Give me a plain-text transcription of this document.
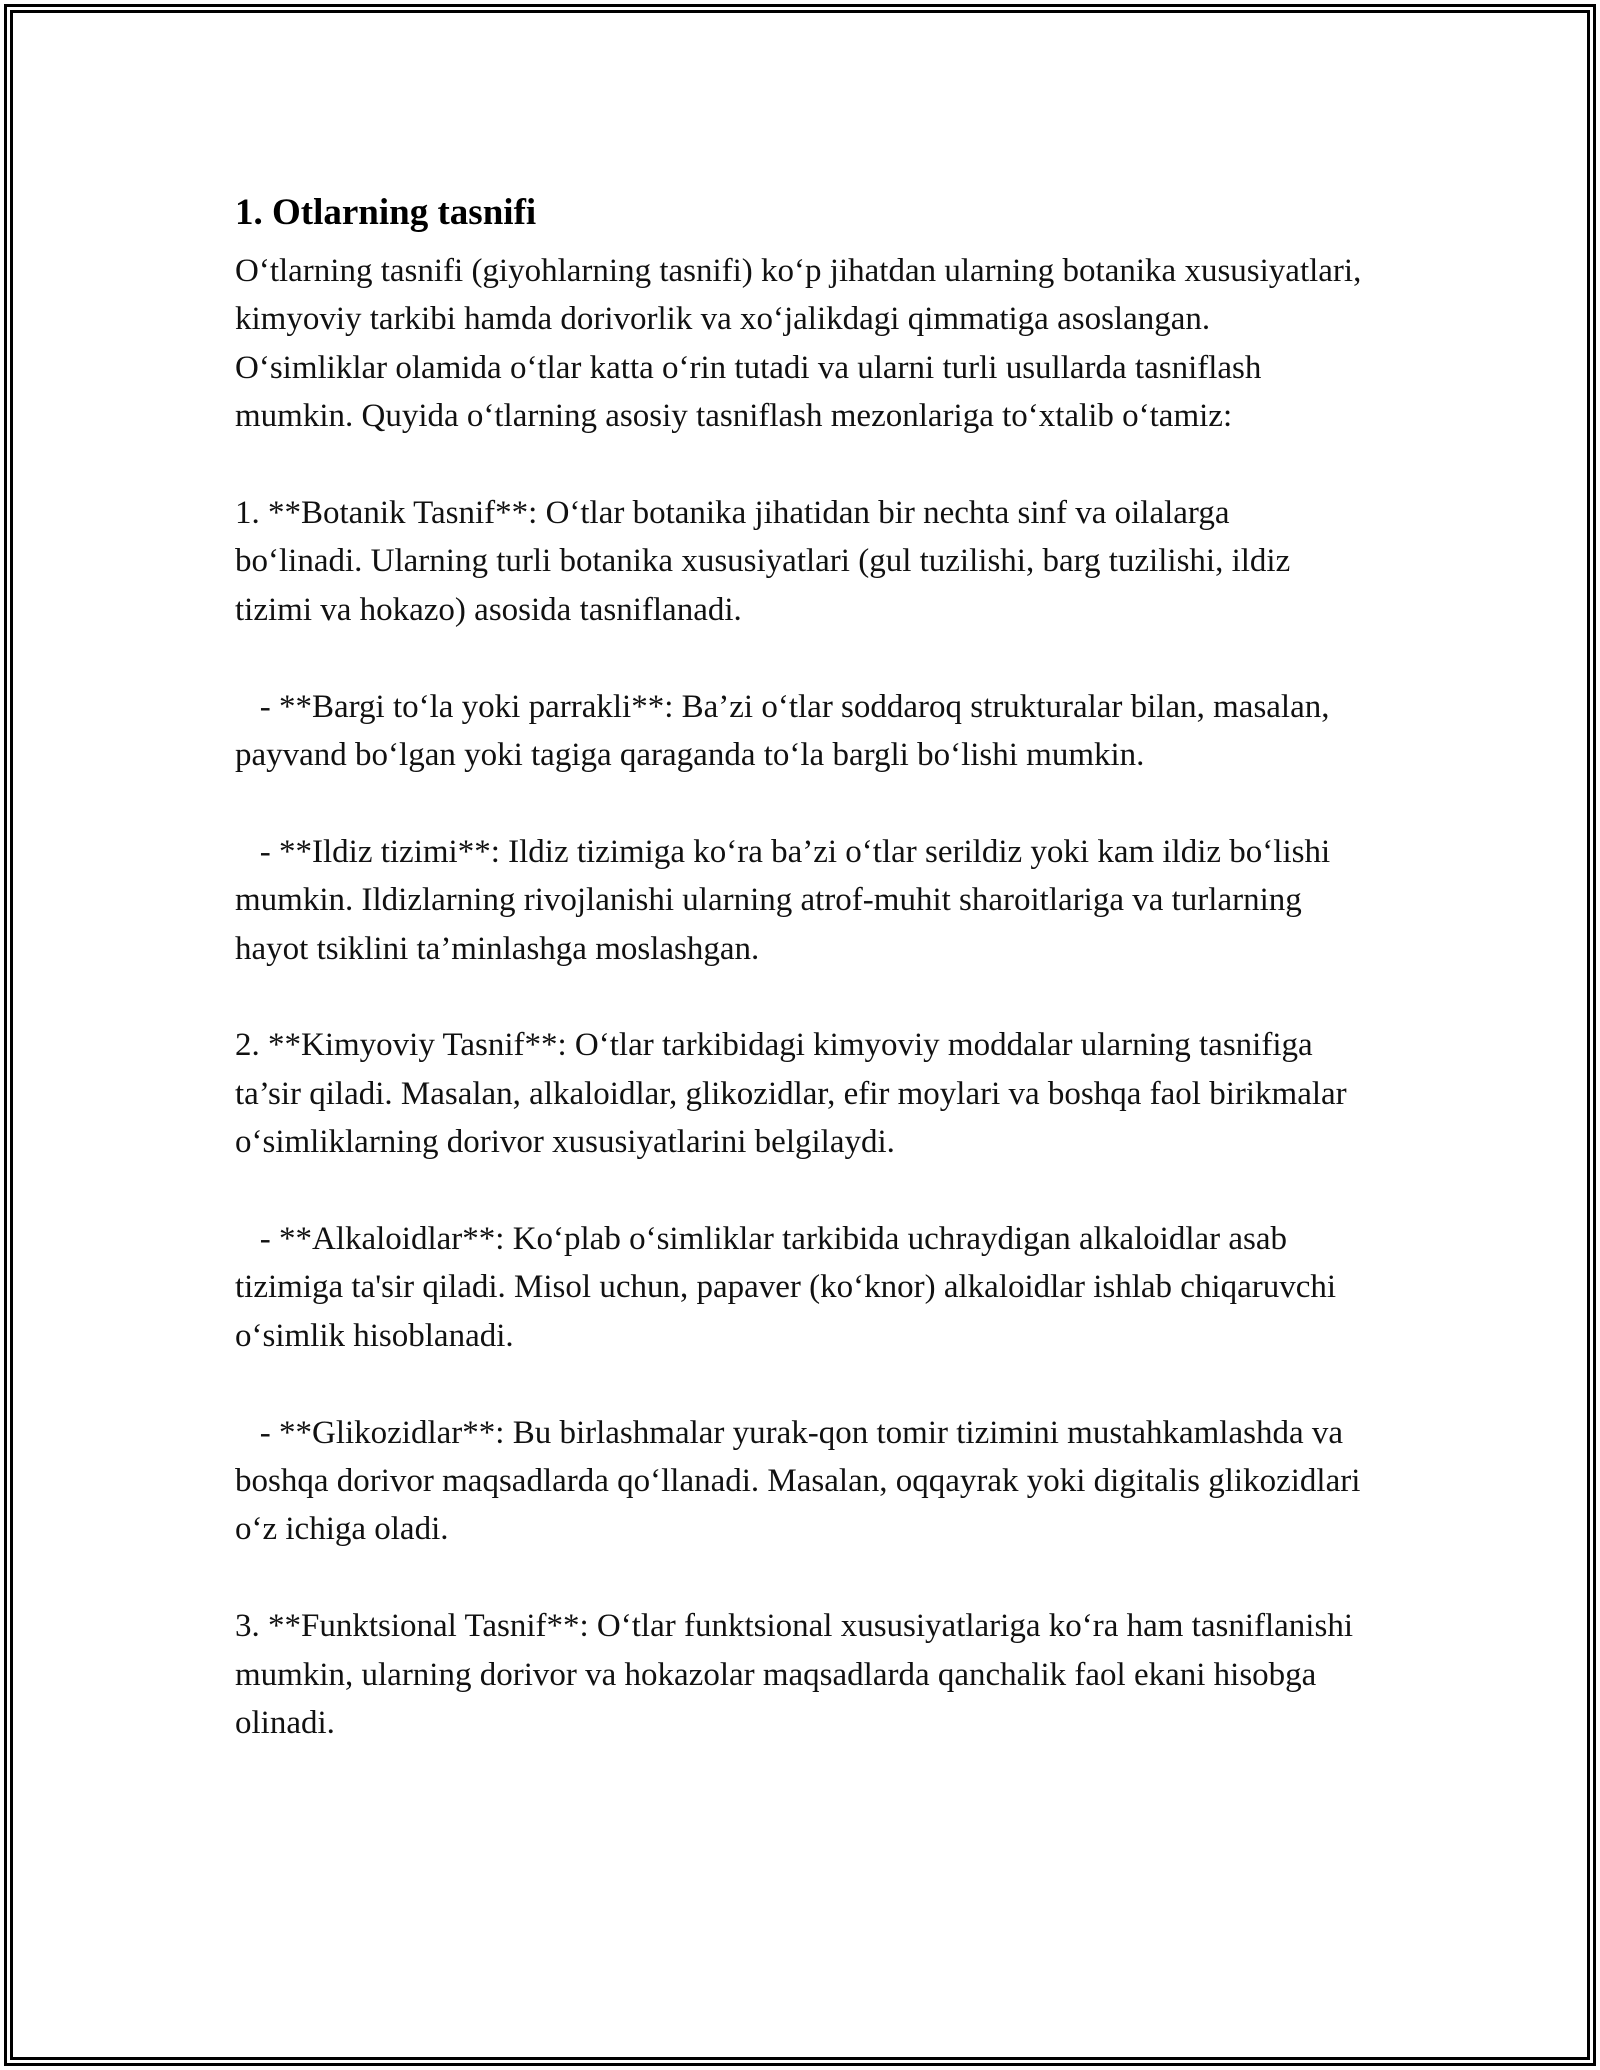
1. Otlarning tasnifi

O‘tlarning tasnifi (giyohlarning tasnifi) ko‘p jihatdan ularning botanika xususiyatlari, kimyoviy tarkibi hamda dorivorlik va xo‘jalikdagi qimmatiga asoslangan. O‘simliklar olamida o‘tlar katta o‘rin tutadi va ularni turli usullarda tasniflash mumkin. Quyida o‘tlarning asosiy tasniflash mezonlariga to‘xtalib o‘tamiz:

1. **Botanik Tasnif**: O‘tlar botanika jihatidan bir nechta sinf va oilalarga bo‘linadi. Ularning turli botanika xususiyatlari (gul tuzilishi, barg tuzilishi, ildiz tizimi va hokazo) asosida tasniflanadi.

- **Bargi to‘la yoki parrakli**: Ba’zi o‘tlar soddaroq strukturalar bilan, masalan, payvand bo‘lgan yoki tagiga qaraganda to‘la bargli bo‘lishi mumkin.

- **Ildiz tizimi**: Ildiz tizimiga ko‘ra ba’zi o‘tlar serildiz yoki kam ildiz bo‘lishi mumkin. Ildizlarning rivojlanishi ularning atrof-muhit sharoitlariga va turlarning hayot tsiklini ta’minlashga moslashgan.

2. **Kimyoviy Tasnif**: O‘tlar tarkibidagi kimyoviy moddalar ularning tasnifiga ta’sir qiladi. Masalan, alkaloidlar, glikozidlar, efir moylari va boshqa faol birikmalar o‘simliklarning dorivor xususiyatlarini belgilaydi.

- **Alkaloidlar**: Ko‘plab o‘simliklar tarkibida uchraydigan alkaloidlar asab tizimiga ta'sir qiladi. Misol uchun, papaver (ko‘knor) alkaloidlar ishlab chiqaruvchi o‘simlik hisoblanadi.

- **Glikozidlar**: Bu birlashmalar yurak-qon tomir tizimini mustahkamlashda va boshqa dorivor maqsadlarda qo‘llanadi. Masalan, oqqayrak yoki digitalis glikozidlari o‘z ichiga oladi.

3. **Funktsional Tasnif**: O‘tlar funktsional xususiyatlariga ko‘ra ham tasniflanishi mumkin, ularning dorivor va hokazolar maqsadlarda qanchalik faol ekani hisobga olinadi.
